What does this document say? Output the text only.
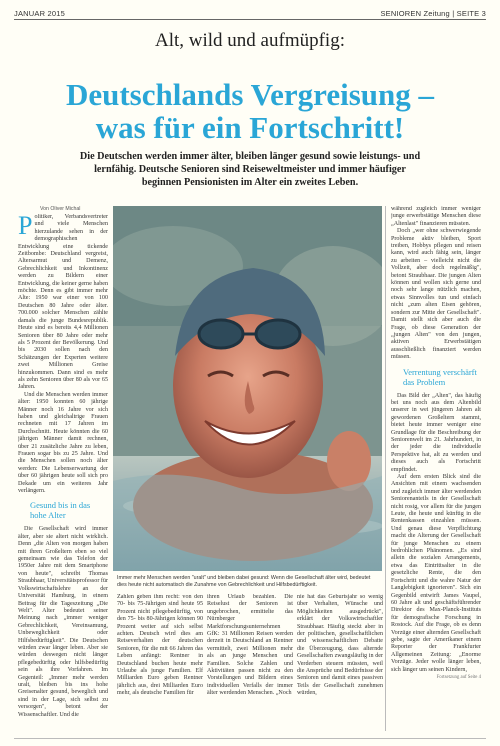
JANUAR 2015	SENIOREN Zeitung | SEITE 3
Alt, wild und aufmüpfig:
Deutschlands Vergreisung –
was für ein Fortschritt!
Die Deutschen werden immer älter, bleiben länger gesund sowie leistungs- und lernfähig. Deutsche Senioren sind Reiseweltmeister und immer häufiger beginnen Pensionisten im Alter ein zweites Leben.
Von Oliver Michal

Politiker, Verbandsvertreter und viele Menschen hierzulande sehen in der demographischen Entwicklung eine tickende Zeitbombe: Deutschland vergreist, Altersarmut und Demenz, Gebrechlichkeit und Inkontinenz werden zu Bildern einer Entwicklung, die keiner gerne haben möchte. Denn es gibt immer mehr Alte: 1950 war einer von 100 Deutschen 80 Jahre oder älter. 700.000 solcher Menschen zählte damals die junge Bundesrepublik. Heute sind es bereits 4,4 Millionen Senioren über 80 Jahre oder mehr als 5 Prozent der Bevölkerung. Und bis 2030 sollen nach den Schätzungen der Experten weitere zwei Millionen Greise hinzukommen. Dann sind es mehr als zehn Senioren über 80 als vor 65 Jahren.

Und die Menschen werden immer älter: 1950 konnten 60 jährige Männer noch 16 Jahre vor sich haben und gleichaltrige Frauen rechneten mit 17 Jahren im Durchschnitt. Heute könnten die 60 jährigen Männer damit rechnen, über 21 zusätzliche Jahre zu leben, Frauen sogar bis zu 25 Jahre. Und die Menschen sollen noch älter werden: Die Lebenserwartung der über 60 jährigen heute soll sich pro Dekade um ein weiteres Jahr verlängern.

Gesund bis in das hohe Alter

Die Gesellschaft wird immer älter, aber sie altert nicht wirklich. Denn „die Alten von morgen haben mit ihren Großeltern eben so viel gemeinsam wie das Telefon der 1950er Jahre mit dem Smartphone von heute", schreibt Thomas Straubhaar, Universitätsprofessor für Volkswirtschaftslehre an der Universität Hamburg, in einem Beitrag für die Tageszeitung „Die Welt". Alter bedeutet seiner Meinung nach „immer weniger Gebrechlichkeit, Vereinsamung, Unbeweglichkeit oder Hilfsbedürftigkeit". Die Deutschen würden zwar länger leben. Aber sie würden deswegen nicht länger pflegebedürftig oder hilfsbedürftig sein als ihre Vorfahren. Im Gegenteil: „Immer mehr werden uralt, bleiben bis ins hohe Greisenalter gesund, beweglich und sind in der Lage, sich selbst zu versorgen", betont der Wissenschaftler. Und die

Immer mehr Menschen werden "uralt" und bleiben dabei gesund: Wenn die Gesellschaft älter wird, bedeutet dies heute nicht automatisch die Zunahme von Gebrechlichkeit und Hilfsbedürftigkeit.

Zahlen geben ihm recht: von den 70- bis 75-Jährigen sind heute 95 Prozent nicht pflegebedürftig, von den 75- bis 80-Jährigen können 90 Prozent weiter auf sich selbst achten. Deutsch wird dies am Reiseverhalten der deutschen Senioren, für die mit 66 Jahren das Leben anfängt: Rentner in Deutschland buchen heute mehr Urlaube als junge Familien. Elf Milliarden Euro geben Rentner jährlich aus, drei Milliarden Euro mehr, als deutsche Familien für

ihren Urlaub bezahlen. Die Reiselust der Senioren ist ungebrochen, ermittelte das Nürnberger Marktforschungsunternehmen GfK: 31 Millionen Reisen werden derzeit in Deutschland an Rentner vermittelt, zwei Millionen mehr als an junge Menschen und Familien. Solche Zahlen und Aktivitäten passen nicht zu den Vorstellungen und Bildern eines individuellen Verfalls der immer älter werdenden Menschen. „Noch

nie hat das Geburtsjahr so wenig über Verhalten, Wünsche und Möglichkeiten ausgedrückt", erklärt der Volkswirtschaftler Straubhaar. Häufig steckt aber in der politischen, gesellschaftlichen und wissenschaftlichen Debatte die Überzeugung, dass alternde Gesellschaften zwangsläufig in der Verderben steuern müssten, weil die Ansprüche und Bedürfnisse der Senioren und damit eines passiven Teils der Gesellschaft zunehmen würden,

während zugleich immer weniger junge erwerbstätige Menschen diese „Altenlast" finanzieren müssten.

Doch „wer ohne schwerwiegende Probleme aktiv bleiben, Sport treiben, Hobbys pflegen und reisen kann, wird auch fähig sein, länger zu arbeiten – vielleicht nicht die Vollzeit, aber doch regelmäßig", betont Straubhaar. Die jungen Alten können und wollen sich gerne und noch sehr lange nützlich machen, etwas Sinnvolles tun und einfach nicht „zum alten Eisen gehören, sondern zur Mitte der Gesellschaft". Damit stellt sich aber auch die Frage, ob diese Generation der „jungen Alten" von den jungen, aktiven Erwerbstätigen ausschließlich finanziert werden müssen.

Verrentung verschärft das Problem

Das Bild der „Alten", das häufig bei uns noch aus dem Altenbild unserer in wei jüngeren Jahren alt gewordenen Großeltern stammt, bietet heute immer weniger eine Grundlage für die Beschreibung der Seniorenwelt im 21. Jahrhundert, in der jeder die individuelle Perspektive hat, alt zu werden und dieses auch als Fortschritt empfindet.

Auf dem ersten Blick sind die Ansichten mit einem wachsenden und zugleich immer älter werdenden Seniorenanteils in der Gesellschaft nicht rosig, vor allem für die jungen Leute, die heute und künftig in die Rentenkassen einzahlen müssen. Und genau diese Verpflichtung macht die Alterung der Gesellschaft für junge Menschen zu einem bedrohlichen Phänomen. „Es sind allein die sozialen Arrangements, etwa das Eintrittsalter in die gesetzliche Rente, die den Fortschritt und die wahre Natur der Langlebigkeit ignorieren". Sich ein Gegenbild entwirft James Vaupel, 60 Jahre alt und geschäftsführender Direktor des Max-Planck-Instituts für demografische Forschung in Rostock. Auf die Frage, ob es denn Vorzüge einer alternden Gesellschaft gebe, sagte der Amerikaner einem Reporter der Frankfurter Allgemeinen Zeitung: „Enorme Vorzüge. Jeder wolle länger leben, sich länger um seinen Kindern,

Fortsetzung auf Seite 4
